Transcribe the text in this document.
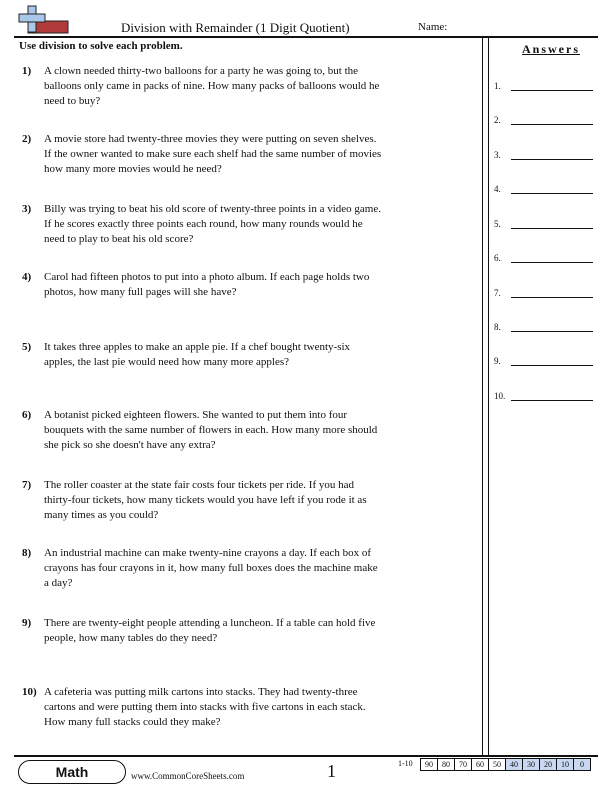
Division with Remainder (1 Digit Quotient)	Name:
Use division to solve each problem.	Answers
1)	A clown needed thirty-two balloons for a party he was going to, but the balloons only came in packs of nine. How many packs of balloons would he need to buy?
2)	A movie store had twenty-three movies they were putting on seven shelves. If the owner wanted to make sure each shelf had the same number of movies how many more movies would he need?
3)	Billy was trying to beat his old score of twenty-three points in a video game. If he scores exactly three points each round, how many rounds would he need to play to beat his old score?
4)	Carol had fifteen photos to put into a photo album. If each page holds two photos, how many full pages will she have?
5)	It takes three apples to make an apple pie. If a chef bought twenty-six apples, the last pie would need how many more apples?
6)	A botanist picked eighteen flowers. She wanted to put them into four bouquets with the same number of flowers in each. How many more should she pick so she doesn't have any extra?
7)	The roller coaster at the state fair costs four tickets per ride. If you had thirty-four tickets, how many tickets would you have left if you rode it as many times as you could?
8)	An industrial machine can make twenty-nine crayons a day. If each box of crayons has four crayons in it, how many full boxes does the machine make a day?
9)	There are twenty-eight people attending a luncheon. If a table can hold five people, how many tables do they need?
10) A cafeteria was putting milk cartons into stacks. They had twenty-three cartons and were putting them into stacks with five cartons in each stack. How many full stacks could they make?
1.
2.
3.
4.
5.
6.
7.
8.
9.
10.
Math	www.CommonCoreSheets.com	1	1-10	90	80	70	60	50	40	30	20	10	0
